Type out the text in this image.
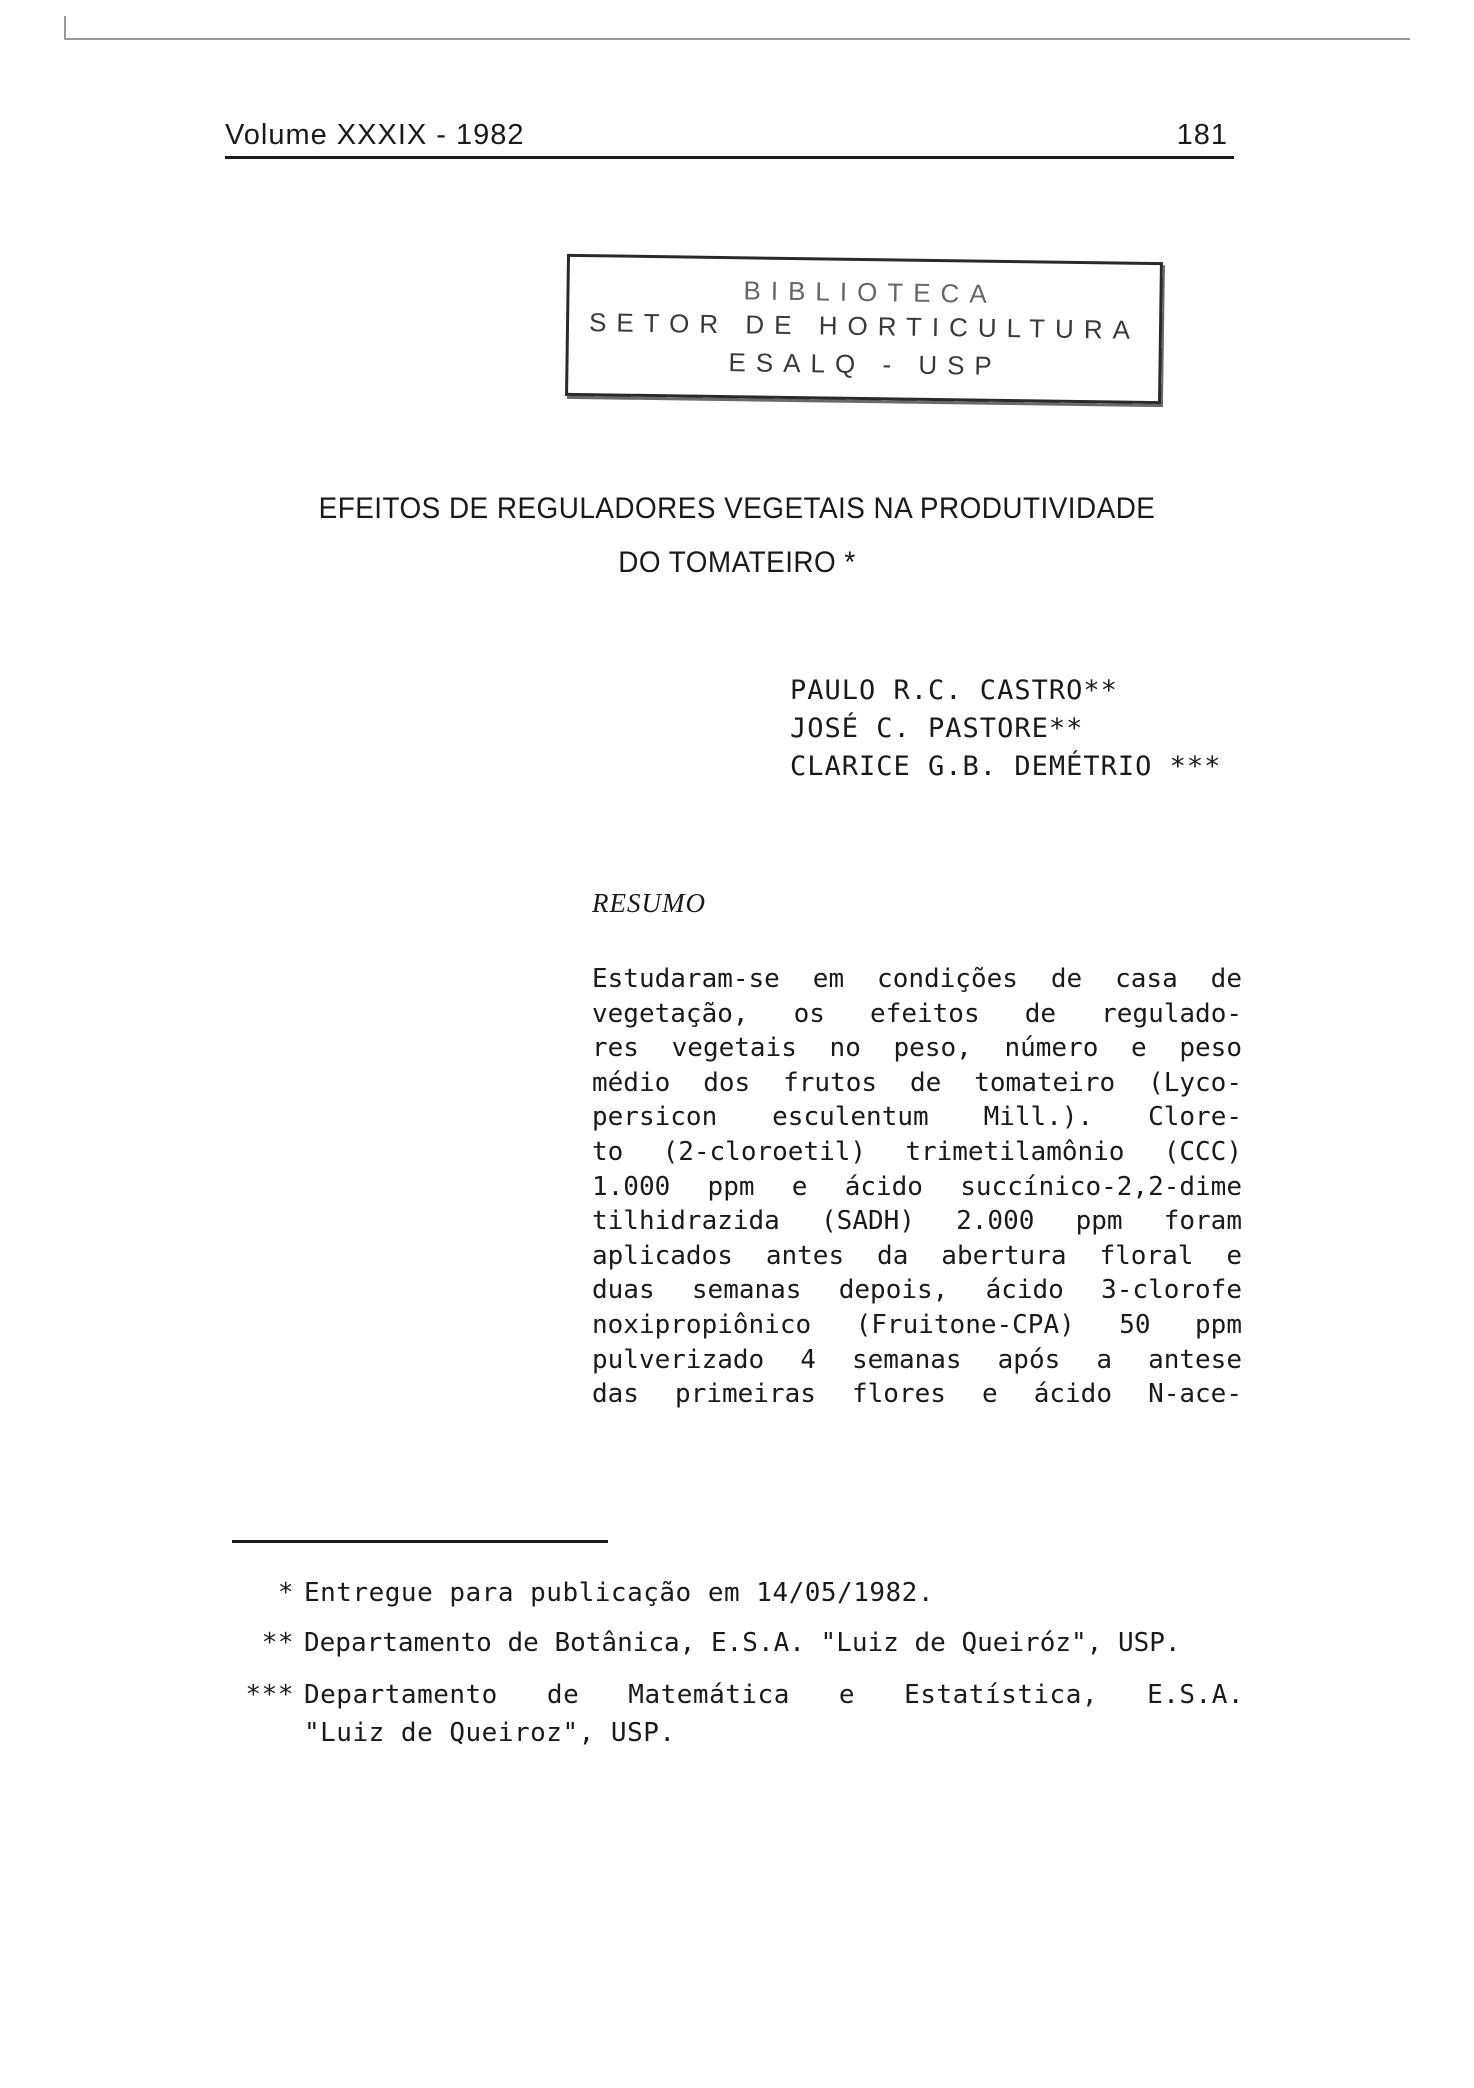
Volume XXXIX - 1982	181
BIBLIOTECA
SETOR DE HORTICULTURA
ESALQ - USP
EFEITOS DE REGULADORES VEGETAIS NA PRODUTIVIDADE
DO TOMATEIRO *
PAULO R.C. CASTRO**
JOSÉ C. PASTORE**
CLARICE G.B. DEMÉTRIO ***
RESUMO
Estudaram-se em condições de casa de
vegetação, os efeitos de regulado-
res vegetais no peso, número e peso
médio dos frutos de tomateiro (Lyco-
persicon esculentum Mill.). Clore-
to (2-cloroetil) trimetilamônio (CCC)
1.000 ppm e ácido succínico-2,2-dime
tilhidrazida (SADH) 2.000 ppm foram
aplicados antes da abertura floral e
duas semanas depois, ácido 3-clorofe
noxipropiônico (Fruitone-CPA) 50 ppm
pulverizado 4 semanas após a antese
das primeiras flores e ácido N-ace-
* Entregue para publicação em 14/05/1982.
** Departamento de Botânica, E.S.A. "Luiz de Queiróz", USP.
*** Departamento de Matemática e Estatística, E.S.A.
"Luiz de Queiroz", USP.
